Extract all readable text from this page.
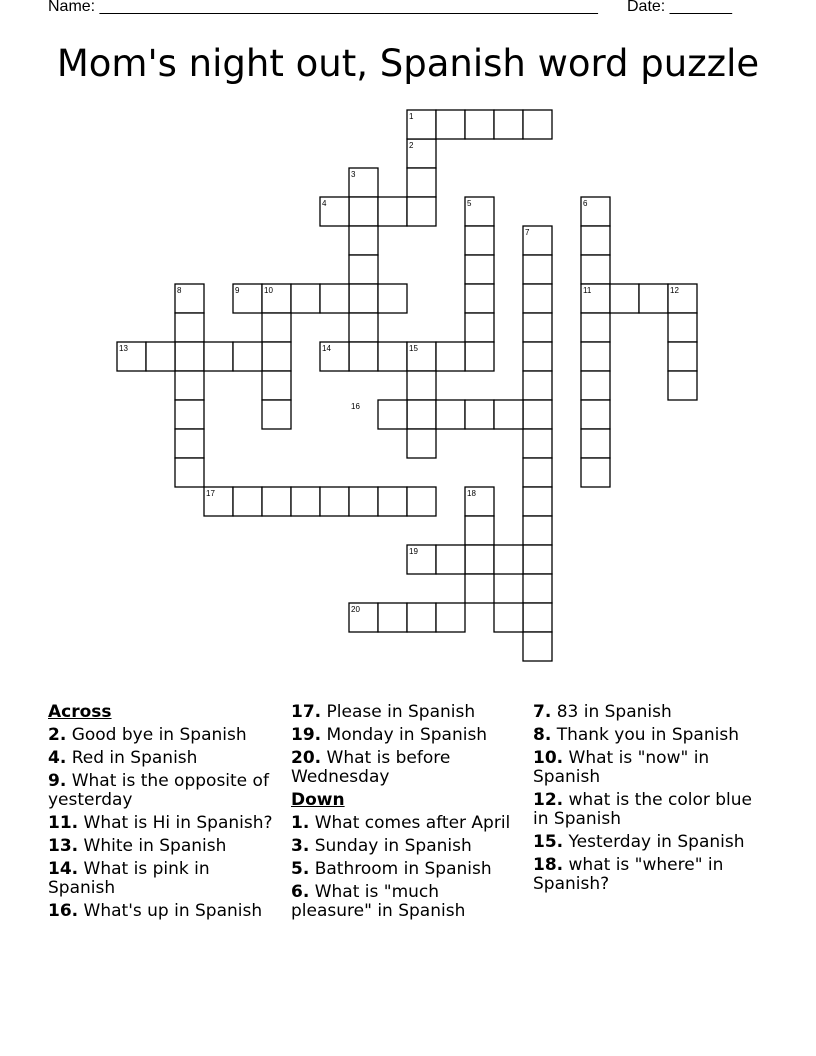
Name: ________________________________________________________ Date: _______
Mom's night out, Spanish word puzzle
1
2
3
4	5	6
7
8	9	10	11	12
13	14	15
16
17	18
19
20
Across
2. Good bye in Spanish
4. Red in Spanish
9. What is the opposite of yesterday
11. What is Hi in Spanish?
13. White in Spanish
14. What is pink in Spanish
16. What's up in Spanish
17. Please in Spanish
19. Monday in Spanish
20. What is before Wednesday
Down
1. What comes after April
3. Sunday in Spanish
5. Bathroom in Spanish
6. What is "much pleasure" in Spanish
7. 83 in Spanish
8. Thank you in Spanish
10. What is "now" in Spanish
12. what is the color blue in Spanish
15. Yesterday in Spanish
18. what is "where" in Spanish?
